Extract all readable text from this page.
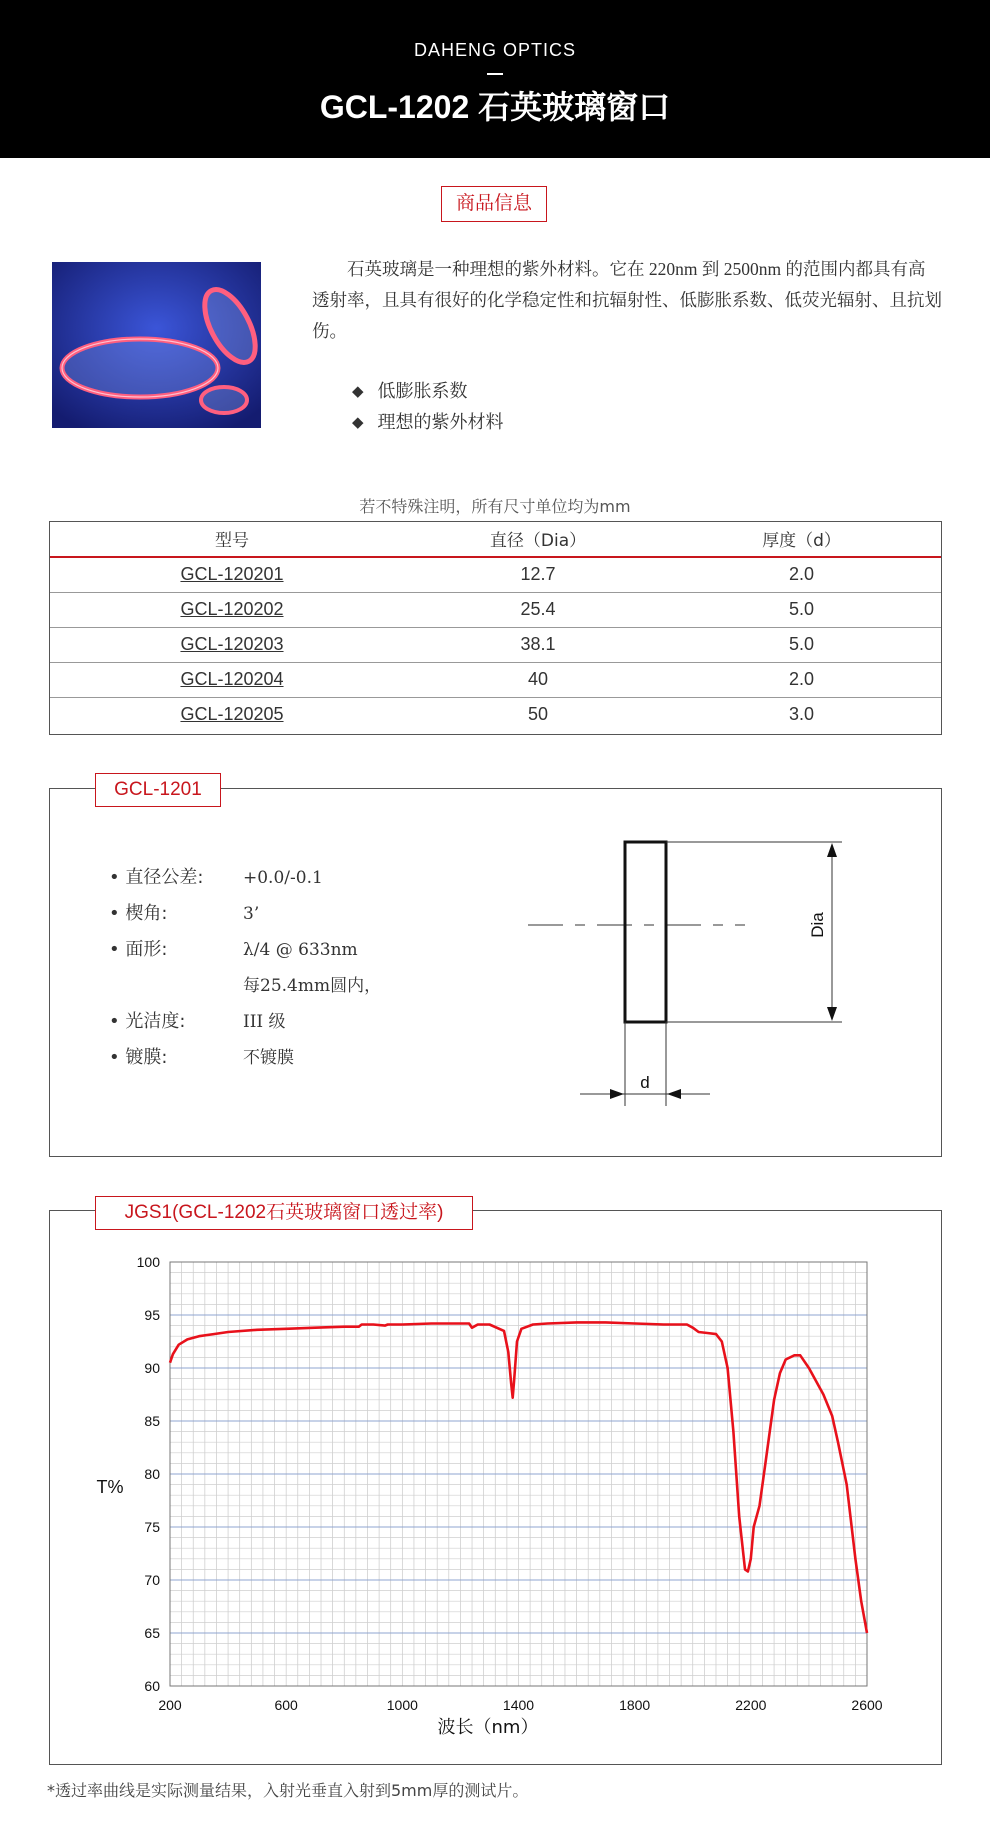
DAHENG OPTICS
GCL-1202 石英玻璃窗口
商品信息

石英玻璃是一种理想的紫外材料。它在 220nm 到 2500nm 的范围内都具有高透射率，且具有很好的化学稳定性和抗辐射性、低膨胀系数、低荧光辐射、且抗划伤。

◆ 低膨胀系数
◆ 理想的紫外材料
若不特殊注明，所有尺寸单位均为mm
型号	直径（Dia）	厚度（d）
GCL-120201	12.7	2.0
GCL-120202	25.4	5.0
GCL-120203	38.1	5.0
GCL-120204	40	2.0
GCL-120205	50	3.0
GCL-1201
• 直径公差: +0.0/-0.1
• 楔角:	3’
• 面形:	λ/4 @ 633nm
每25.4mm圆内，
• 光洁度:	III 级
• 镀膜:	不镀膜
Dia
d
JGS1(GCL-1202石英玻璃窗口透过率)
100
95
90
85
80
75
70
65
60
200	600	1000	1400	1800	2200	2600
T%
波长（nm）
*透过率曲线是实际测量结果，入射光垂直入射到5mm厚的测试片。
